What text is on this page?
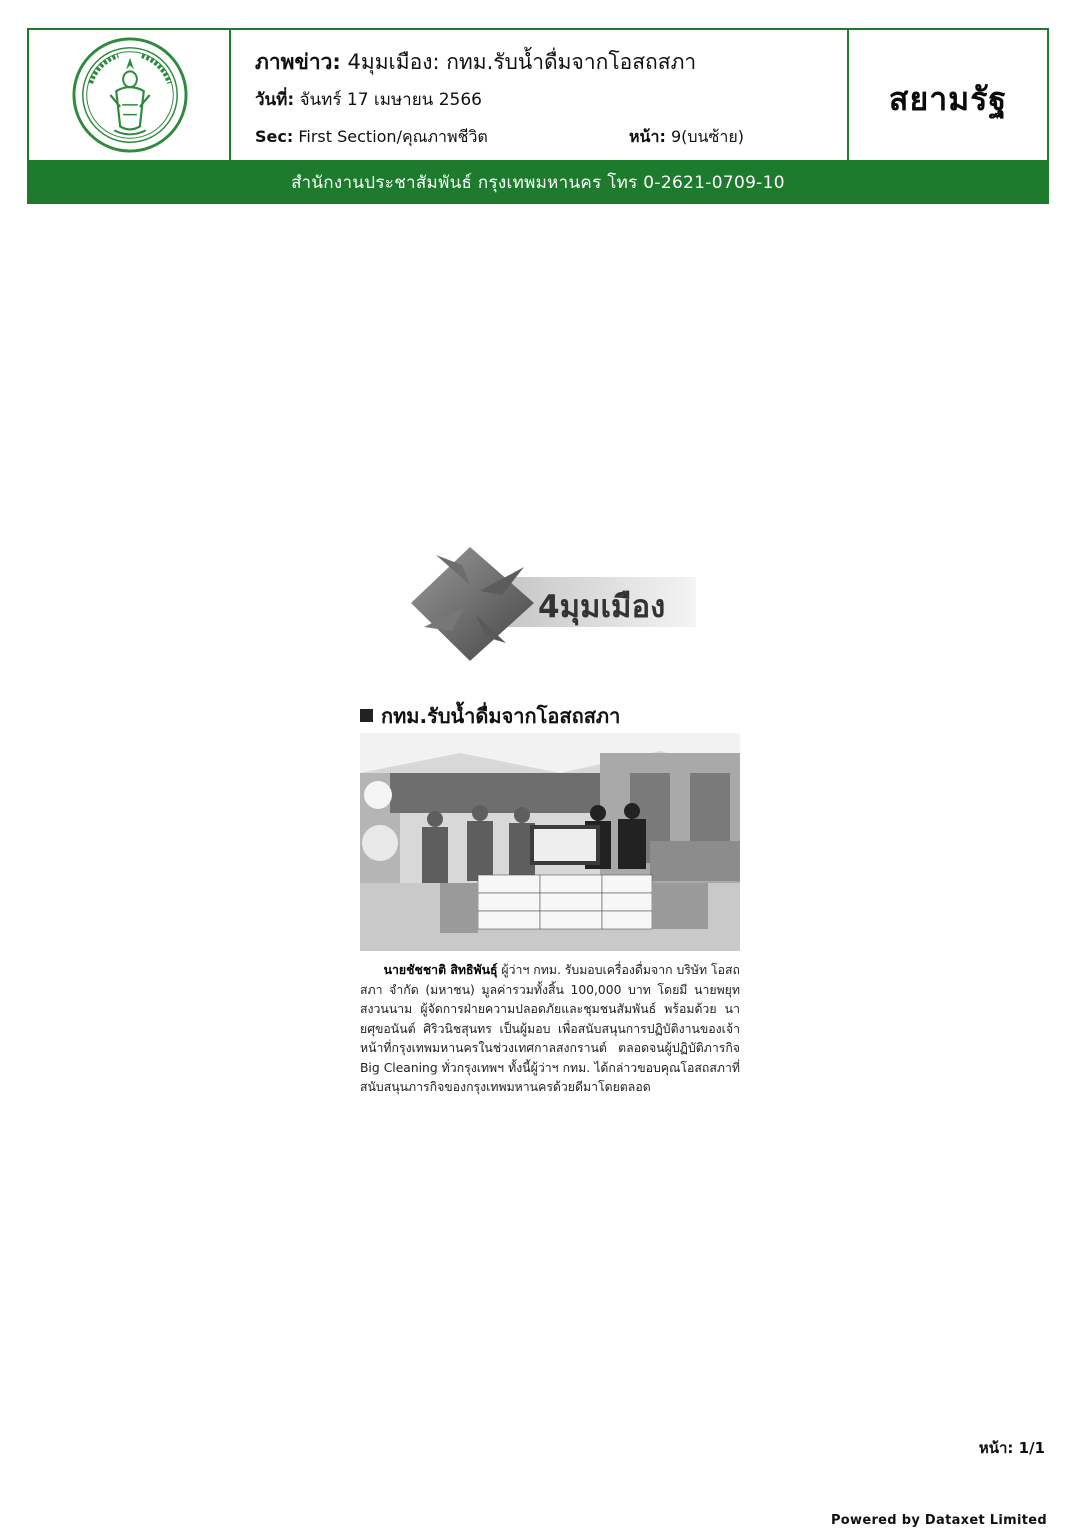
ภาพข่าว: 4มุมเมือง: กทม.รับน้ำดื่มจากโอสถสภา
วันที่: จันทร์ 17 เมษายน 2566
Sec: First Section/คุณภาพชีวิต	หน้า: 9(บนซ้าย)
สยามรัฐ
สำนักงานประชาสัมพันธ์ กรุงเทพมหานคร โทร 0-2621-0709-10
4มุมเมือง
กทม.รับน้ำดื่มจากโอสถสภา
นายชัชชาติ สิทธิพันธุ์ ผู้ว่าฯ กทม. รับมอบเครื่องดื่มจาก บริษัท โอสถสภา จำกัด (มหาชน) มูลค่ารวมทั้งสิ้น 100,000 บาท โดยมี นายพยุท สงวนนาม ผู้จัดการฝ่ายความปลอดภัยและชุมชนสัมพันธ์ พร้อมด้วย นายศุขอนันต์ ศิริวนิชสุนทร เป็นผู้มอบ เพื่อสนับสนุนการปฏิบัติงานของเจ้าหน้าที่กรุงเทพมหานครในช่วงเทศกาลสงกรานต์ ตลอดจนผู้ปฏิบัติภารกิจ Big Cleaning ทั่วกรุงเทพฯ ทั้งนี้ผู้ว่าฯ กทม. ได้กล่าวขอบคุณโอสถสภาที่สนับสนุนภารกิจของกรุงเทพมหานครด้วยดีมาโดยตลอด
หน้า: 1/1
Powered by Dataxet Limited
